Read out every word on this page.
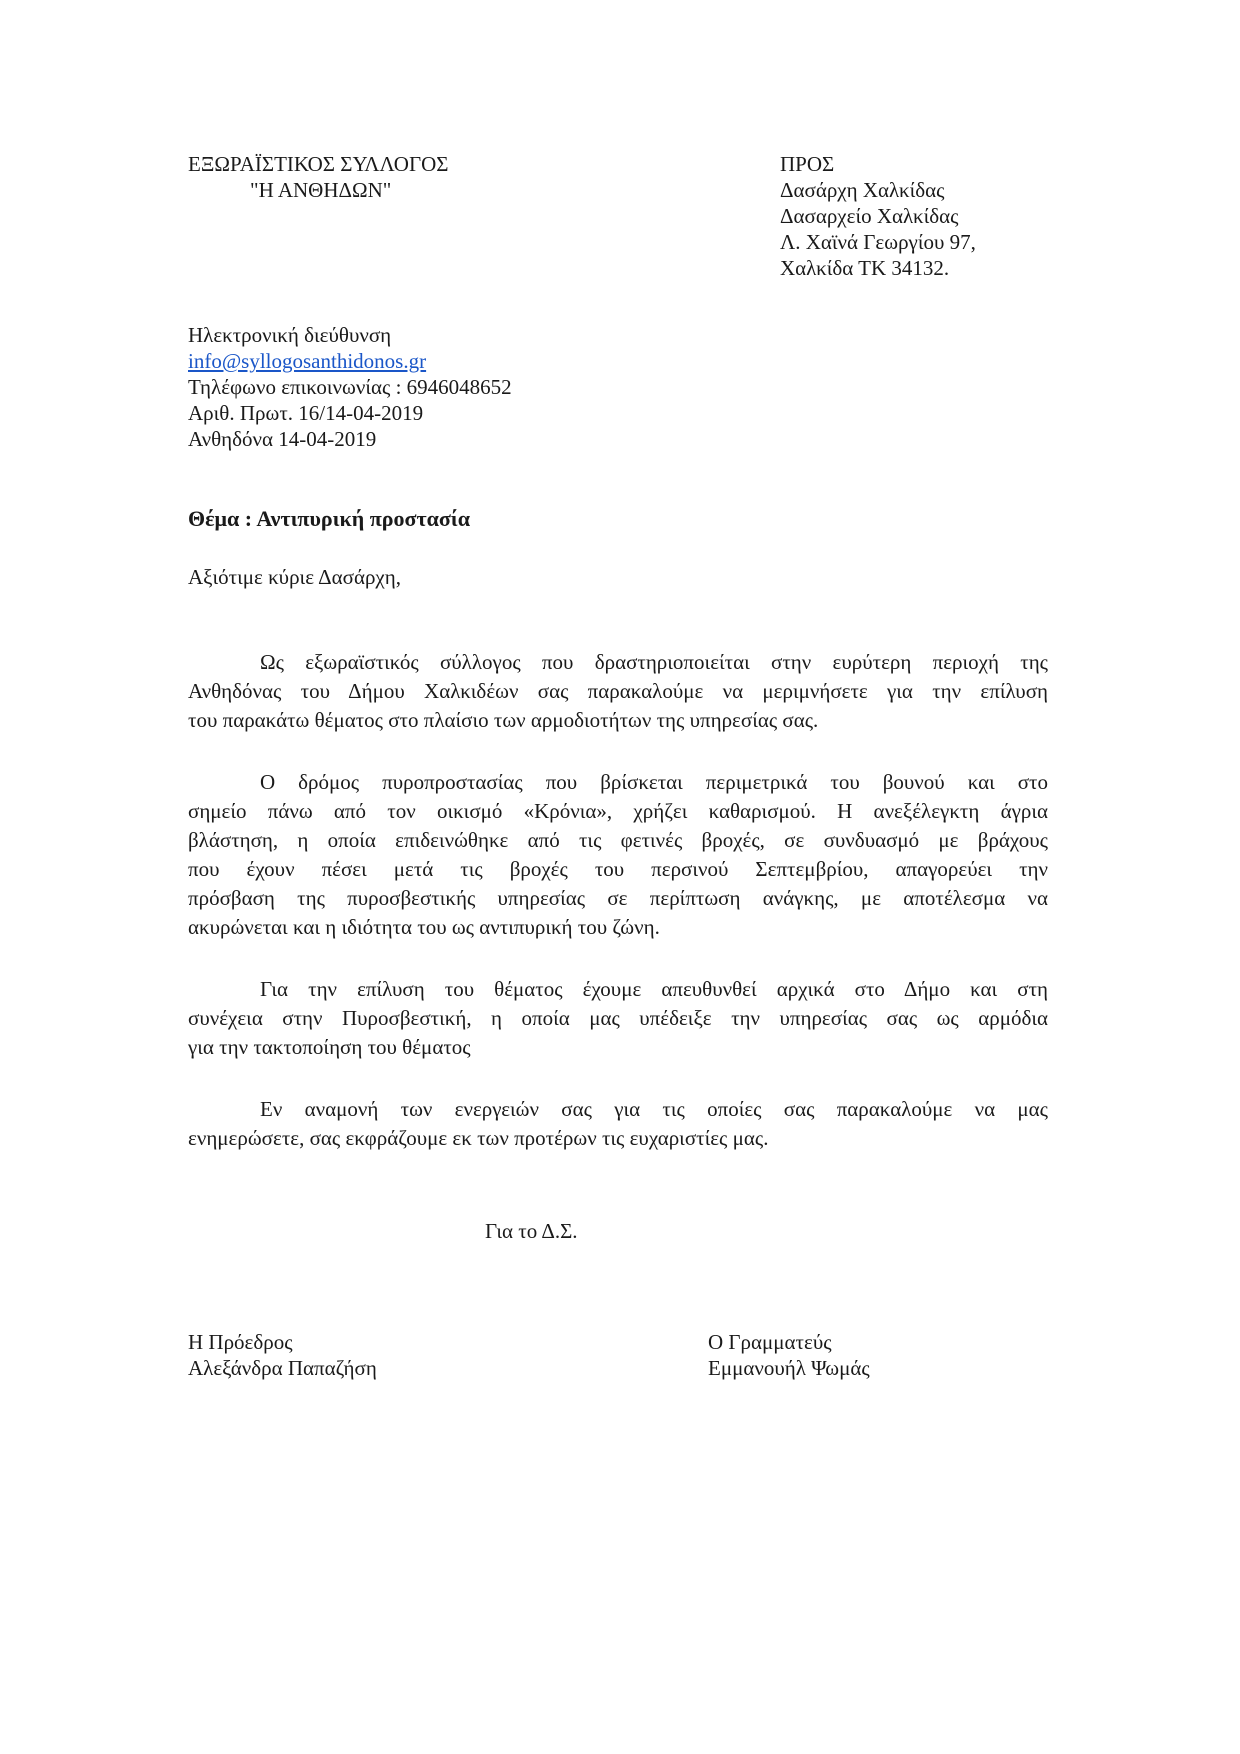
ΕΞΩΡΑΪΣΤΙΚΟΣ ΣΥΛΛΟΓΟΣ
"Η ΑΝΘΗΔΩΝ"
ΠΡΟΣ
Δασάρχη Χαλκίδας
Δασαρχείο Χαλκίδας
Λ. Χαϊνά Γεωργίου 97,
Χαλκίδα ΤΚ 34132.
Ηλεκτρονική διεύθυνση
info@syllogosanthidonos.gr
Τηλέφωνο επικοινωνίας : 6946048652
Αριθ. Πρωτ. 16/14-04-2019
Ανθηδόνα 14-04-2019
Θέμα : Αντιπυρική προστασία
Αξιότιμε κύριε Δασάρχη,
Ως εξωραϊστικός σύλλογος που δραστηριοποιείται στην ευρύτερη περιοχή της
Ανθηδόνας του Δήμου Χαλκιδέων σας παρακαλούμε να μεριμνήσετε για την επίλυση
του παρακάτω θέματος στο πλαίσιο των αρμοδιοτήτων της υπηρεσίας σας.
Ο δρόμος πυροπροστασίας που βρίσκεται περιμετρικά του βουνού και στο
σημείο πάνω από τον οικισμό «Κρόνια», χρήζει καθαρισμού. Η ανεξέλεγκτη άγρια
βλάστηση, η οποία επιδεινώθηκε από τις φετινές βροχές, σε συνδυασμό με βράχους
που έχουν πέσει μετά τις βροχές του περσινού Σεπτεμβρίου, απαγορεύει την
πρόσβαση της πυροσβεστικής υπηρεσίας σε περίπτωση ανάγκης, με αποτέλεσμα να
ακυρώνεται και η ιδιότητα του ως αντιπυρική του ζώνη.
Για την επίλυση του θέματος έχουμε απευθυνθεί αρχικά στο Δήμο και στη
συνέχεια στην Πυροσβεστική, η οποία μας υπέδειξε την υπηρεσίας σας ως αρμόδια
για την τακτοποίηση του θέματος
Εν αναμονή των ενεργειών σας για τις οποίες σας παρακαλούμε να μας
ενημερώσετε, σας εκφράζουμε εκ των προτέρων τις ευχαριστίες μας.
Για το Δ.Σ.
Η Πρόεδρος
Αλεξάνδρα Παπαζήση
Ο Γραμματεύς
Εμμανουήλ Ψωμάς
